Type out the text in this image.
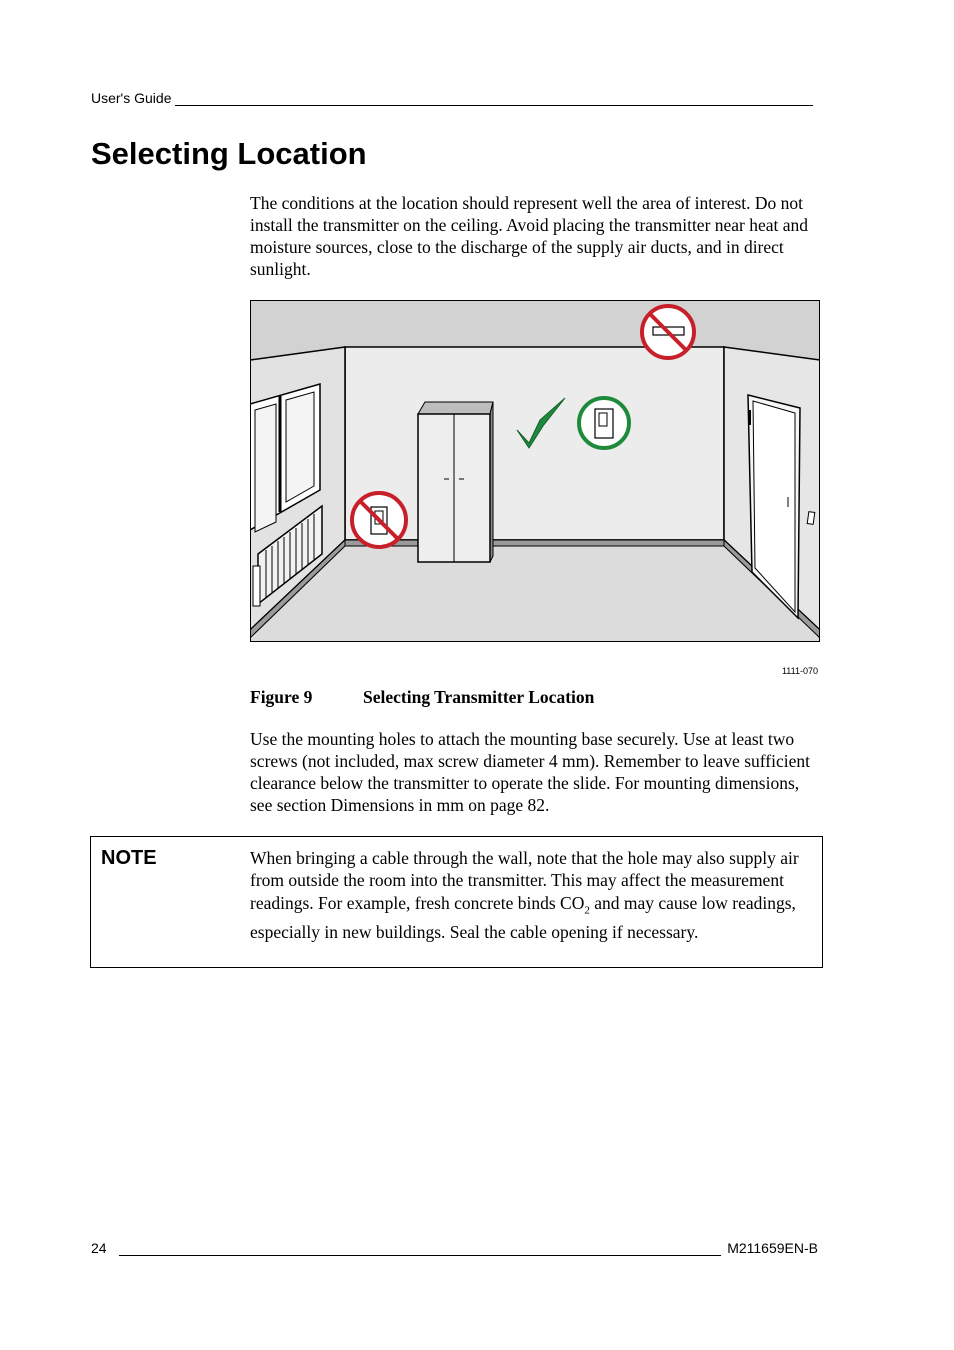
User's Guide
Selecting Location

The conditions at the location should represent well the area of interest. Do not install the transmitter on the ceiling. Avoid placing the transmitter near heat and moisture sources, close to the discharge of the supply air ducts, and in direct sunlight.

1111-070
Figure 9	Selecting Transmitter Location

Use the mounting holes to attach the mounting base securely. Use at least two screws (not included, max screw diameter 4 mm). Remember to leave sufficient clearance below the transmitter to operate the slide. For mounting dimensions, see section Dimensions in mm on page 82.

NOTE	When bringing a cable through the wall, note that the hole may also supply air from outside the room into the transmitter. This may affect the measurement readings. For example, fresh concrete binds $CO_2$ and may cause low readings, especially in new buildings. Seal the cable opening if necessary.
24	M211659EN-B
